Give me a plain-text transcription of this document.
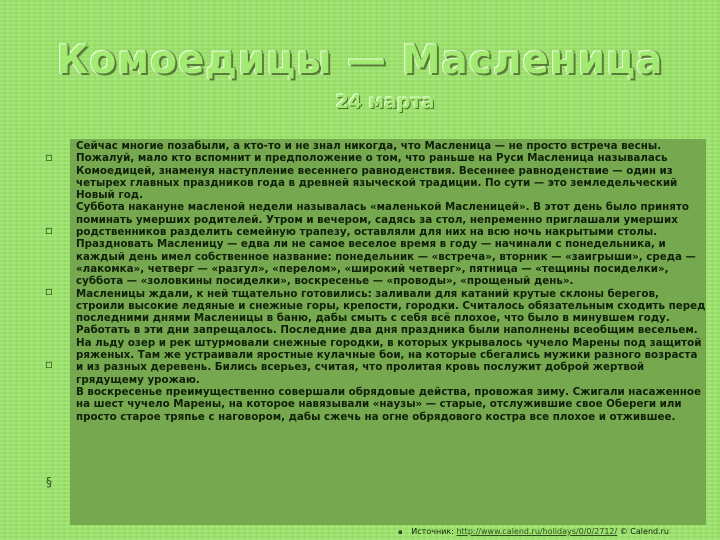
Комоедицы — Масленица
24 марта
▫
▫
▫
▫
§

Сейчас многие позабыли, а кто-то и не знал никогда, что Масленица — не просто встреча весны. Пожалуй, мало кто вспомнит и предположение о том, что раньше на Руси Масленица называлась Комоедицей, знаменуя наступление весеннего равноденствия. Весеннее равноденствие — один из четырех главных праздников года в древней языческой традиции. По сути — это земледельческий Новый год.

Суббота накануне масленой недели называлась «маленькой Масленицей». В этот день было принято поминать умерших родителей. Утром и вечером, садясь за стол, непременно приглашали умерших родственников разделить семейную трапезу, оставляли для них на всю ночь накрытыми столы.

Праздновать Масленицу — едва ли не самое веселое время в году — начинали с понедельника, и каждый день имел собственное название: понедельник — «встреча», вторник — «заигрыши», среда — «лакомка», четверг — «разгул», «перелом», «широкий четверг», пятница — «тещины посиделки», суббота — «золовкины посиделки», воскресенье — «проводы», «прощеный день».

Масленицы ждали, к ней тщательно готовились: заливали для катаний крутые склоны берегов, строили высокие ледяные и снежные горы, крепости, городки. Считалось обязательным сходить перед последними днями Масленицы в баню, дабы смыть с себя всё плохое, что было в минувшем году. Работать в эти дни запрещалось. Последние два дня праздника были наполнены всеобщим весельем. На льду озер и рек штурмовали снежные городки, в которых укрывалось чучело Марены под защитой ряженых. Там же устраивали яростные кулачные бои, на которые сбегались мужики разного возраста и из разных деревень. Бились всерьез, считая, что пролитая кровь послужит доброй жертвой грядущему урожаю.

В воскресенье преимущественно совершали обрядовые действа, провожая зиму. Сжигали насаженное на шест чучело Марены, на которое навязывали «наузы» — старые, отслужившие свое Обереги или просто старое тряпье с наговором, дабы сжечь на огне обрядового костра все плохое и отжившее.

▪ Источник: http://www.calend.ru/holidays/0/0/2712/ © Calend.ru
